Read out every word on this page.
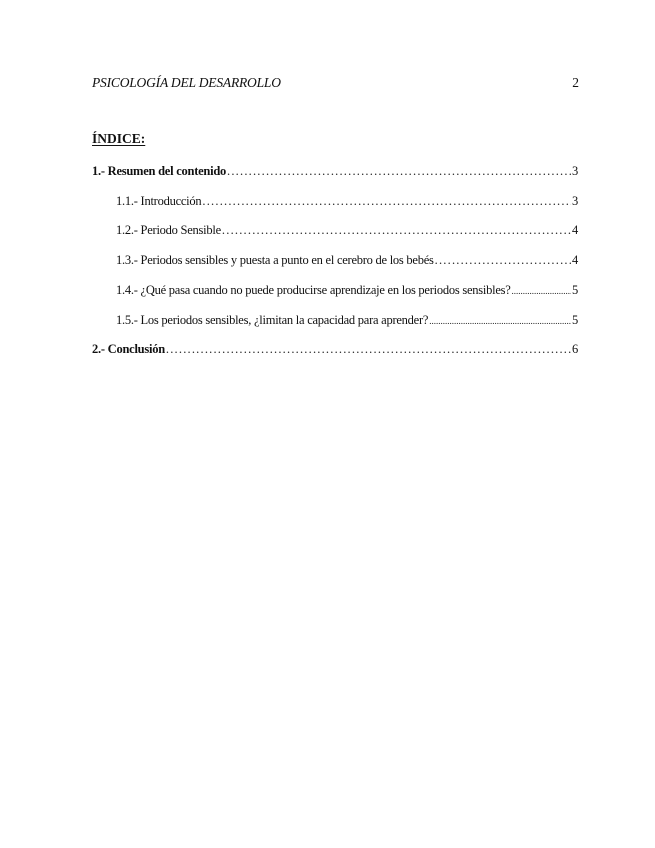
PSICOLOGÍA DEL DESARROLLO	2
ÍNDICE:
1.- Resumen del contenido .....	3
1.1.- Introducción .....	3
1.2.- Periodo Sensible .....	4
1.3.- Periodos sensibles y puesta a punto en el cerebro de los bebés .....	4
1.4.- ¿Qué pasa cuando no puede producirse aprendizaje en los periodos sensibles? .....	5
1.5.- Los periodos sensibles, ¿limitan la capacidad para aprender? .....	5
2.- Conclusión .....	6
